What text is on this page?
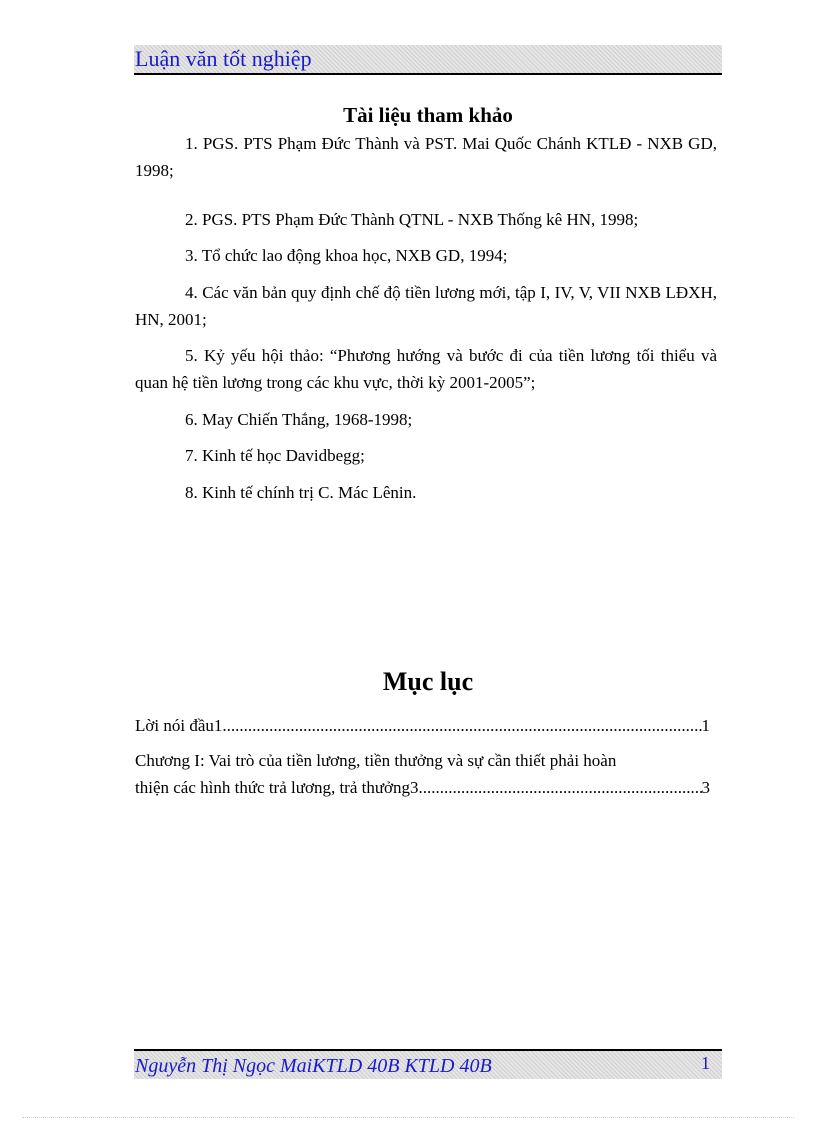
Luận văn tốt nghiệp
Tài liệu tham khảo

1. PGS. PTS Phạm Đức Thành và PST. Mai Quốc Chánh KTLĐ - NXB GD, 1998;

2. PGS. PTS Phạm Đức Thành QTNL - NXB Thống kê HN, 1998;

3. Tổ chức lao động khoa học, NXB GD, 1994;

4. Các văn bản quy định chế độ tiền lương mới, tập I, IV, V, VII NXB LĐXH, HN, 2001;

5. Kỷ yếu hội thảo: “Phương hướng và bước đi của tiền lương tối thiểu và quan hệ tiền lương trong các khu vực, thời kỳ 2001-2005”;

6. May Chiến Thắng, 1968-1998;

7. Kinh tế học Davidbegg;

8. Kinh tế chính trị C. Mác Lênin.

Mục lục
Lời nói đầu1 .....	1
Chương I: Vai trò của tiền lương, tiền thưởng và sự cần thiết phải hoàn
thiện các hình thức trả lương, trả thưởng3 .....	3
Nguyễn Thị Ngọc MaiKTLD 40B KTLD 40B	1
